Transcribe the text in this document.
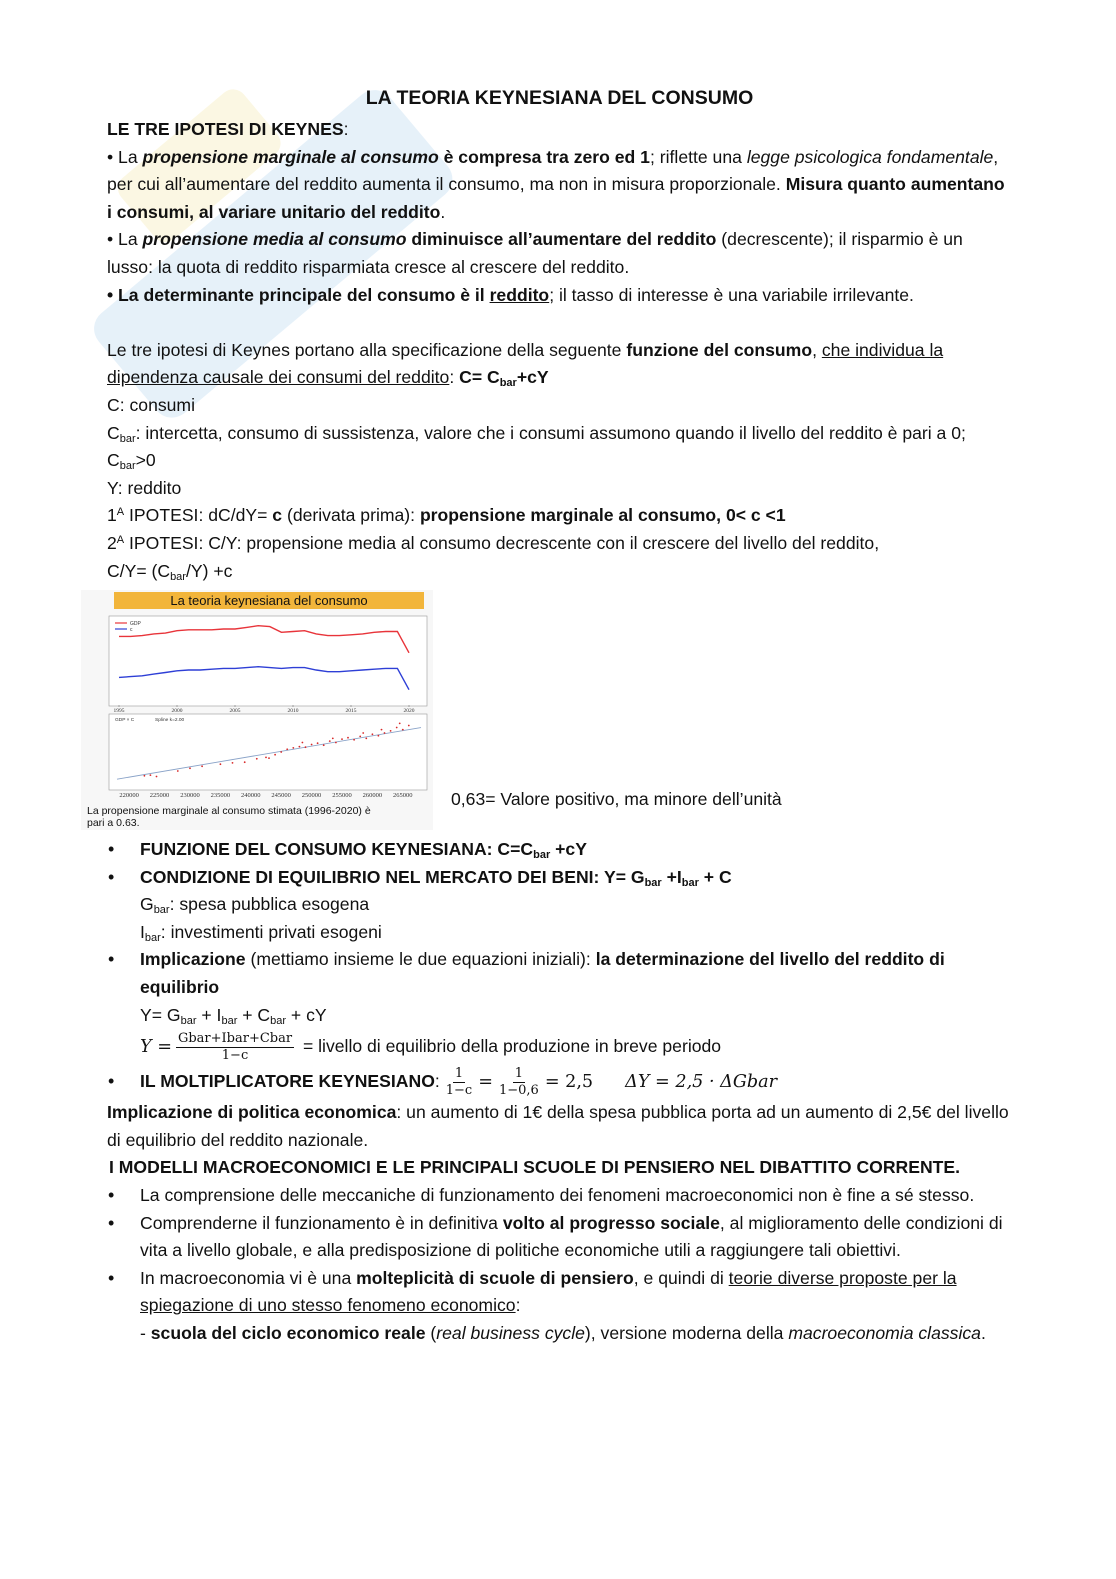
LA TEORIA KEYNESIANA DEL CONSUMO

LE TRE IPOTESI DI KEYNES:

• La propensione marginale al consumo è compresa tra zero ed 1; riflette una legge psicologica fondamentale, per cui all’aumentare del reddito aumenta il consumo, ma non in misura proporzionale. Misura quanto aumentano i consumi, al variare unitario del reddito.

• La propensione media al consumo diminuisce all’aumentare del reddito (decrescente); il risparmio è un lusso: la quota di reddito risparmiata cresce al crescere del reddito.

• La determinante principale del consumo è il reddito; il tasso di interesse è una variabile irrilevante.

Le tre ipotesi di Keynes portano alla specificazione della seguente funzione del consumo, che individua la dipendenza causale dei consumi del reddito: $C= C_{bar}+cY$

C: consumi

$C_{bar}$: intercetta, consumo di sussistenza, valore che i consumi assumono quando il livello del reddito è pari a 0; $C_{bar}>0$

Y: reddito

$1^A$ IPOTESI: dC/dY= c (derivata prima): propensione marginale al consumo, 0< c <1

$2^A$ IPOTESI: C/Y: propensione media al consumo decrescente con il crescere del livello del reddito,
$C/Y= (C_{bar}/Y) +c$

La teoria keynesiana del consumo
GDP
c
1995	2000	2005	2010	2015	2020
GDP × C	Spline k=2.00
220000 225000 230000 235000 240000 245000 250000 255000 260000 265000
La propensione marginale al consumo stimata (1996-2020) è
pari a 0.63.
0,63= Valore positivo, ma minore dell’unità
• FUNZIONE DEL CONSUMO KEYNESIANA: $C=C_{bar} +cY$
• CONDIZIONE DI EQUILIBRIO NEL MERCATO DEI BENI: $Y= G_{bar} +I_{bar} + C$
$G_{bar}$: spesa pubblica esogena
$I_{bar}$: investimenti privati esogeni
• Implicazione (mettiamo insieme le due equazioni iniziali): la determinazione del livello del reddito di equilibrio
$Y= G_{bar} + I_{bar} + C_{bar}$ + cY
$Y = \frac{\text{Gbar+Ibar+Cbar}}{1-c}$ = livello di equilibrio della produzione in breve periodo
• IL MOLTIPLICATORE KEYNESIANO: $\frac{1}{1-c} = \frac{1}{1-0,6} = 2,5$ ΔY = 2,5 · ΔGbar

Implicazione di politica economica: un aumento di 1€ della spesa pubblica porta ad un aumento di 2,5€ del livello di equilibrio del reddito nazionale.

I MODELLI MACROECONOMICI E LE PRINCIPALI SCUOLE DI PENSIERO NEL DIBATTITO CORRENTE.

• La comprensione delle meccaniche di funzionamento dei fenomeni macroeconomici non è fine a sé stesso.
• Comprenderne il funzionamento è in definitiva volto al progresso sociale, al miglioramento delle condizioni di vita a livello globale, e alla predisposizione di politiche economiche utili a raggiungere tali obiettivi.
• In macroeconomia vi è una molteplicità di scuole di pensiero, e quindi di teorie diverse proposte per la spiegazione di uno stesso fenomeno economico:
- scuola del ciclo economico reale (real business cycle), versione moderna della macroeconomia classica.
